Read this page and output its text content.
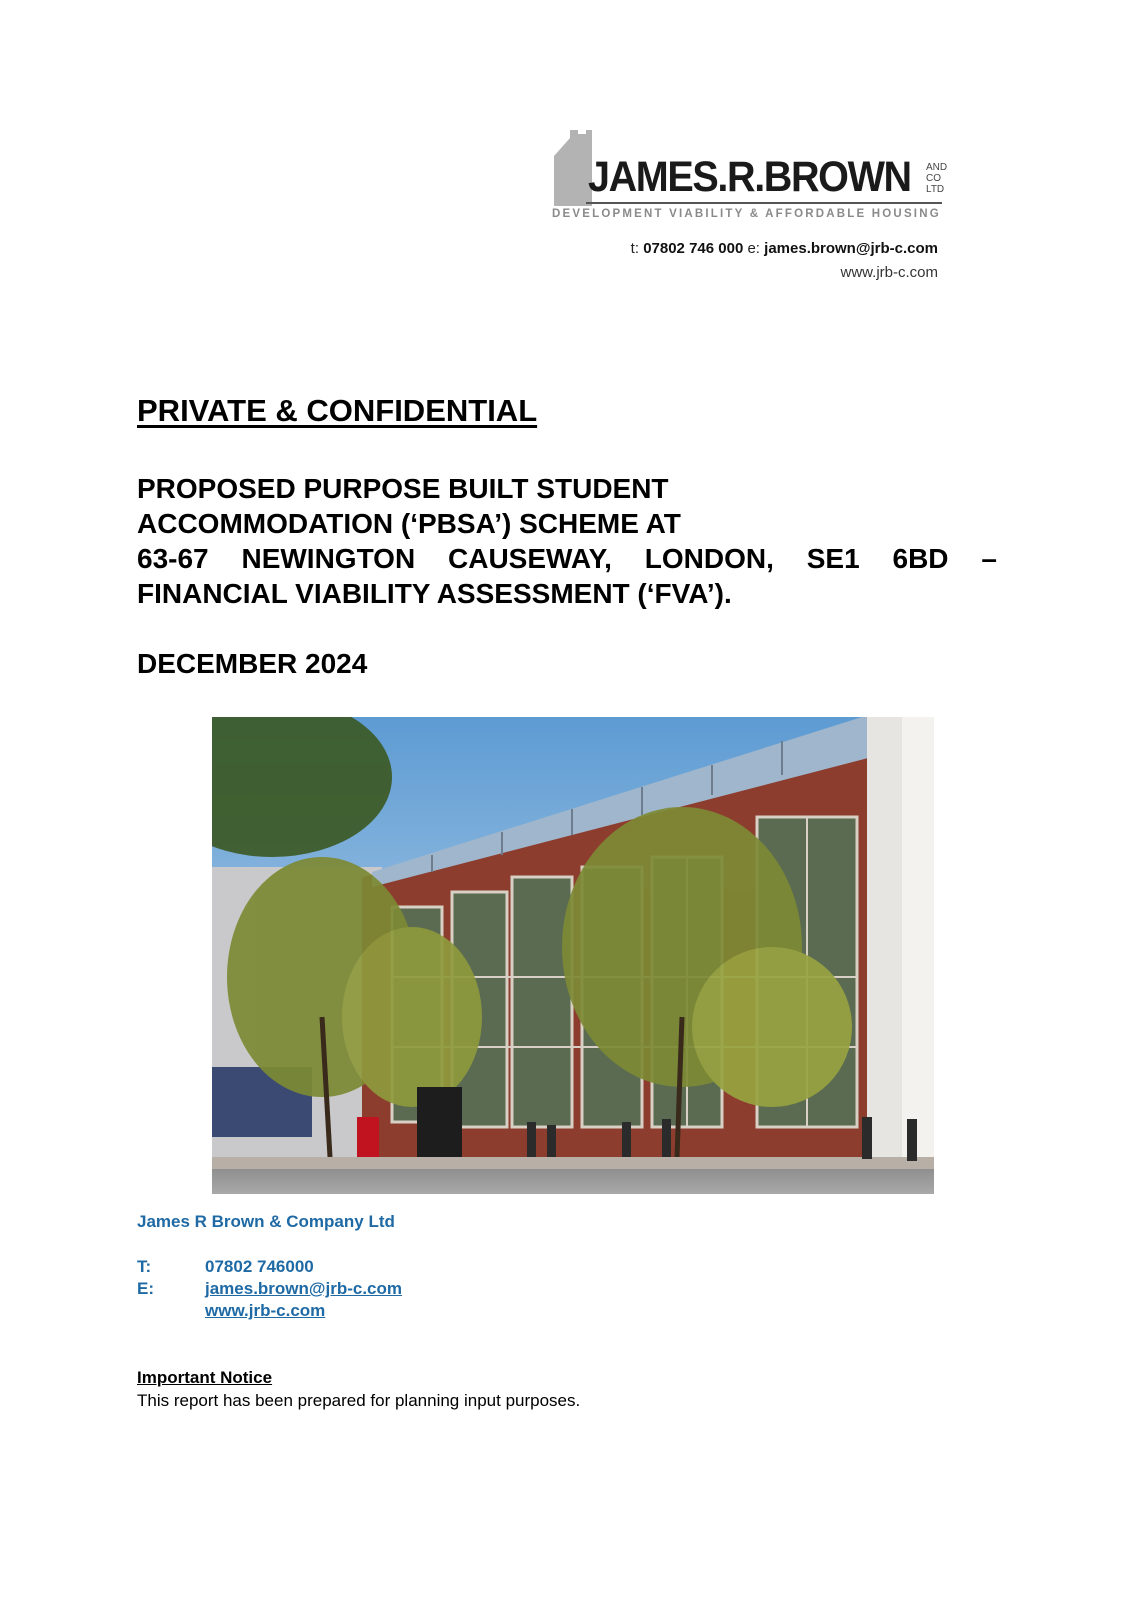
JAMES.R.BROWN AND
CO
LTD
DEVELOPMENT VIABILITY & AFFORDABLE HOUSING
t: 07802 746 000 e: james.brown@jrb-c.com
www.jrb-c.com
PRIVATE & CONFIDENTIAL
PROPOSED PURPOSE BUILT STUDENT
ACCOMMODATION (‘PBSA’) SCHEME AT
63-67 NEWINGTON CAUSEWAY, LONDON, SE1 6BD –
FINANCIAL VIABILITY ASSESSMENT (‘FVA’).
DECEMBER 2024
James R Brown & Company Ltd
T:	07802 746000
E:	james.brown@jrb-c.com
www.jrb-c.com
Important Notice
This report has been prepared for planning input purposes.
